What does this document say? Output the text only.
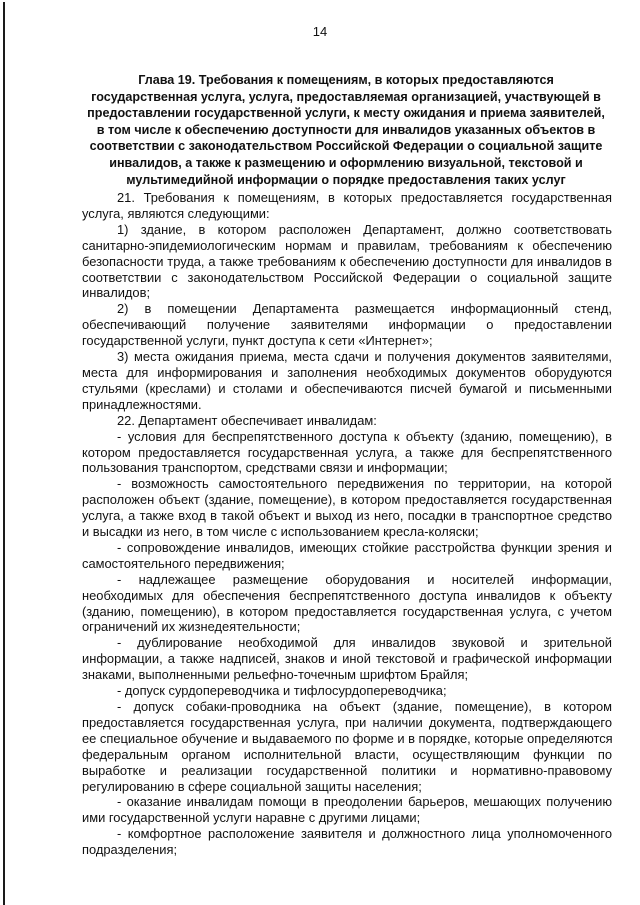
14
Глава 19. Требования к помещениям, в которых предоставляются
государственная услуга, услуга, предоставляемая организацией, участвующей в
предоставлении государственной услуги, к месту ожидания и приема заявителей,
в том числе к обеспечению доступности для инвалидов указанных объектов в
соответствии с законодательством Российской Федерации о социальной защите
инвалидов, а также к размещению и оформлению визуальной, текстовой и
мультимедийной информации о порядке предоставления таких услуг
21. Требования к помещениям, в которых предоставляется государственная
услуга, являются следующими:
1) здание, в котором расположен Департамент, должно соответствовать
санитарно-эпидемиологическим нормам и правилам, требованиям к обеспечению
безопасности труда, а также требованиям к обеспечению доступности для инвалидов в
соответствии с законодательством Российской Федерации о социальной защите
инвалидов;
2) в помещении Департамента размещается информационный стенд,
обеспечивающий получение заявителями информации о предоставлении
государственной услуги, пункт доступа к сети «Интернет»;
3) места ожидания приема, места сдачи и получения документов заявителями,
места для информирования и заполнения необходимых документов оборудуются
стульями (креслами) и столами и обеспечиваются писчей бумагой и письменными
принадлежностями.
22. Департамент обеспечивает инвалидам:
- условия для беспрепятственного доступа к объекту (зданию, помещению), в
котором предоставляется государственная услуга, а также для беспрепятственного
пользования транспортом, средствами связи и информации;
- возможность самостоятельного передвижения по территории, на которой
расположен объект (здание, помещение), в котором предоставляется государственная
услуга, а также вход в такой объект и выход из него, посадки в транспортное средство
и высадки из него, в том числе с использованием кресла-коляски;
- сопровождение инвалидов, имеющих стойкие расстройства функции зрения и
самостоятельного передвижения;
- надлежащее размещение оборудования и носителей информации,
необходимых для обеспечения беспрепятственного доступа инвалидов к объекту
(зданию, помещению), в котором предоставляется государственная услуга, с учетом
ограничений их жизнедеятельности;
- дублирование необходимой для инвалидов звуковой и зрительной
информации, а также надписей, знаков и иной текстовой и графической информации
знаками, выполненными рельефно-точечным шрифтом Брайля;
- допуск сурдопереводчика и тифлосурдопереводчика;
- допуск собаки-проводника на объект (здание, помещение), в котором
предоставляется государственная услуга, при наличии документа, подтверждающего
ее специальное обучение и выдаваемого по форме и в порядке, которые определяются
федеральным органом исполнительной власти, осуществляющим функции по
выработке и реализации государственной политики и нормативно-правовому
регулированию в сфере социальной защиты населения;
- оказание инвалидам помощи в преодолении барьеров, мешающих получению
ими государственной услуги наравне с другими лицами;
- комфортное расположение заявителя и должностного лица уполномоченного
подразделения;
